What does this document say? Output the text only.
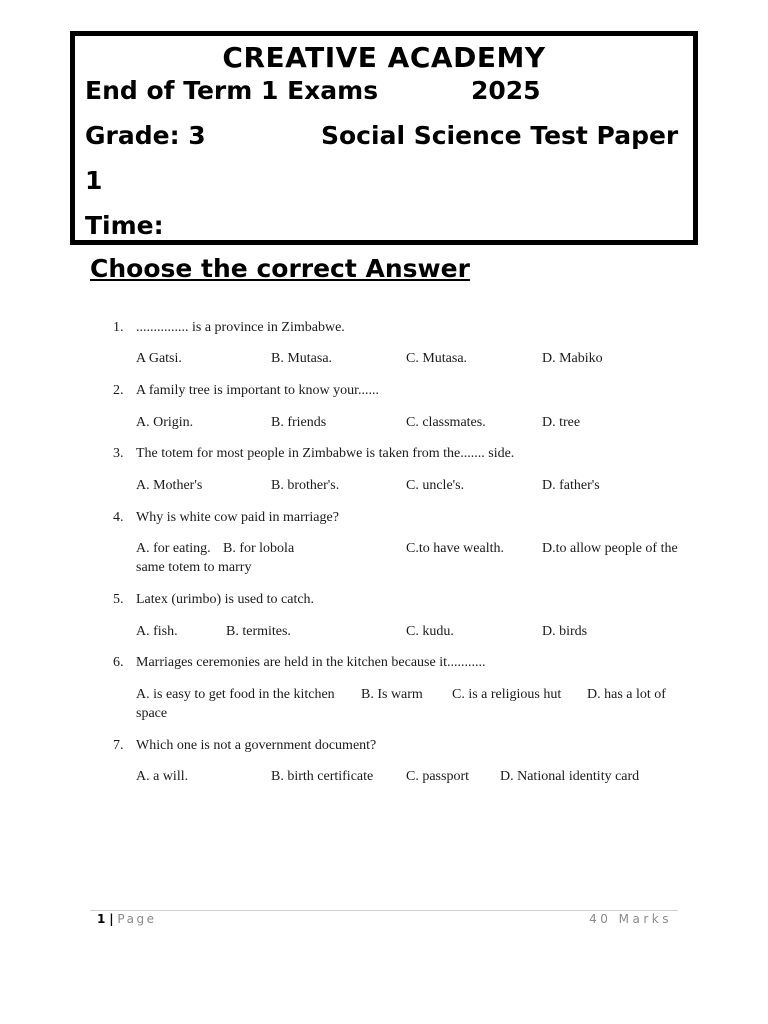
CREATIVE ACADEMY
End of Term 1 Exams	2025
Grade: 3	Social Science Test Paper
1
Time:
Choose the correct Answer
1. ............... is a province in Zimbabwe.
A Gatsi.	B. Mutasa.	C. Mutasa.	D. Mabiko
2. A family tree is important to know your......
A. Origin.	B. friends	C. classmates.	D. tree
3. The totem for most people in Zimbabwe is taken from the....... side.
A. Mother's	B. brother's.	C. uncle's.	D. father's
4. Why is white cow paid in marriage?
A. for eating. B. for lobola	C.to have wealth.	D.to allow people of the
same totem to marry
5. Latex (urimbo) is used to catch.
A. fish.	B. termites.	C. kudu.	D. birds
6. Marriages ceremonies are held in the kitchen because it...........
A. is easy to get food in the kitchen B. Is warm C. is a religious hut D. has a lot of
space
7. Which one is not a government document?
A. a will.	B. birth certificate C. passport D. National identity card
1 | Page	40 Marks
